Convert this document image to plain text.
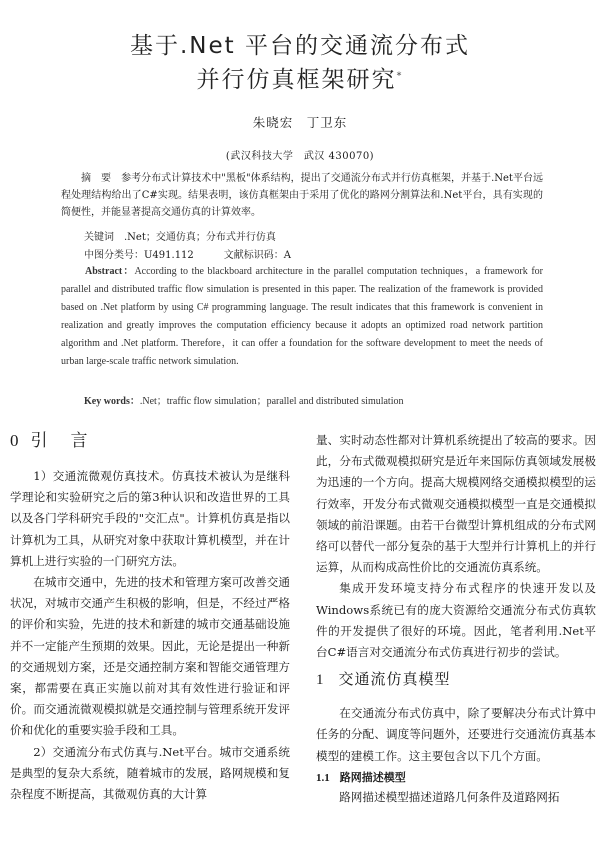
基于.Net 平台的交通流分布式
并行仿真框架研究*
朱晓宏　丁卫东
(武汉科技大学　武汉 430070)
摘　要　 参考分布式计算技术中"黑板"体系结构，提出了交通流分布式并行仿真框架，并基于.Net平台远程处理结构给出了C#实现。结果表明，该仿真框架由于采用了优化的路网分割算法和.Net平台，具有实现的简便性，并能显著提高交通仿真的计算效率。
关键词　 .Net；交通仿真；分布式并行仿真
中图分类号：U491.112　　　	文献标识码：A
Abstract：According to the blackboard architecture in the parallel computation techniques，a framework for parallel and distributed traffic flow simulation is presented in this paper. The realization of the framework is provided based on .Net platform by using C# programming language. The result indicates that this framework is convenient in realization and greatly improves the computation efficiency because it adopts an optimized road network partition algorithm and .Net platform. Therefore，it can offer a foundation for the software development to meet the needs of urban large-scale traffic network simulation.
Key words：.Net；traffic flow simulation；parallel and distributed simulation
0 引　言

1）交通流微观仿真技术。仿真技术被认为是继科学理论和实验研究之后的第3种认识和改造世界的工具以及各门学科研究手段的"交汇点"。计算机仿真是指以计算机为工具，从研究对象中获取计算机模型，并在计算机上进行实验的一门研究方法。

在城市交通中，先进的技术和管理方案可改善交通状况，对城市交通产生积极的影响，但是，不经过严格的评价和实验，先进的技术和新建的城市交通基础设施并不一定能产生预期的效果。因此，无论是提出一种新的交通规划方案，还是交通控制方案和智能交通管理方案，都需要在真正实施以前对其有效性进行验证和评价。而交通流微观模拟就是交通控制与管理系统开发评价和优化的重要实验手段和工具。

2）交通流分布式仿真与.Net平台。城市交通系统是典型的复杂大系统，随着城市的发展，路网规模和复杂程度不断提高，其微观仿真的大计算

量、实时动态性都对计算机系统提出了较高的要求。因此，分布式微观模拟研究是近年来国际仿真领域发展极为迅速的一个方向。提高大规模网络交通模拟模型的运行效率，开发分布式微观交通模拟模型一直是交通模拟领域的前沿课题。由若干台微型计算机组成的分布式网络可以替代一部分复杂的基于大型并行计算机上的并行运算，从而构成高性价比的交通流仿真系统。

集成开发环境支持分布式程序的快速开发以及Windows系统已有的庞大资源给交通流分布式仿真软件的开发提供了很好的环境。因此，笔者利用.Net平台C#语言对交通流分布式仿真进行初步的尝试。

1 交通流仿真模型

在交通流分布式仿真中，除了要解决分布式计算中任务的分配、调度等问题外，还要进行交通流仿真基本模型的建模工作。这主要包含以下几个方面。

1.1 路网描述模型

路网描述模型描述道路几何条件及道路网拓
